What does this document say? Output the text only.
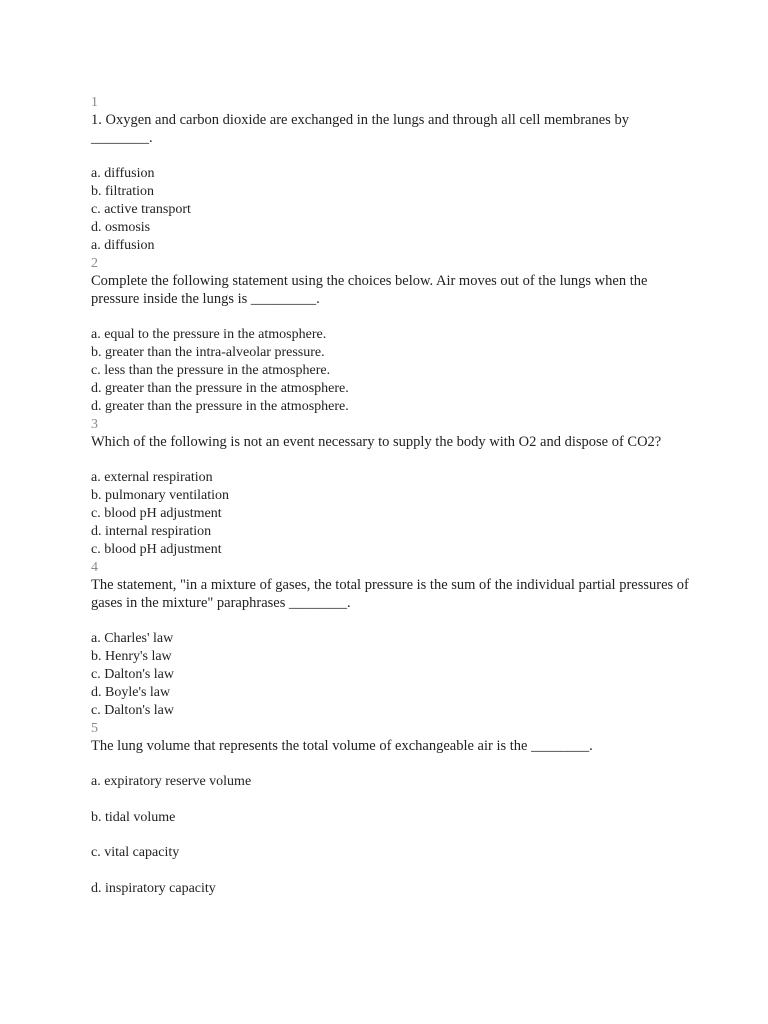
1

1. Oxygen and carbon dioxide are exchanged in the lungs and through all cell membranes by ________.

a. diffusion

b. filtration

c. active transport

d. osmosis

a. diffusion

2

Complete the following statement using the choices below. Air moves out of the lungs when the pressure inside the lungs is _________.

a. equal to the pressure in the atmosphere.

b. greater than the intra-alveolar pressure.

c. less than the pressure in the atmosphere.

d. greater than the pressure in the atmosphere.

d. greater than the pressure in the atmosphere.

3

Which of the following is not an event necessary to supply the body with O2 and dispose of CO2?

a. external respiration

b. pulmonary ventilation

c. blood pH adjustment

d. internal respiration

c. blood pH adjustment

4

The statement, "in a mixture of gases, the total pressure is the sum of the individual partial pressures of gases in the mixture" paraphrases ________.

a. Charles' law

b. Henry's law

c. Dalton's law

d. Boyle's law

c. Dalton's law

5

The lung volume that represents the total volume of exchangeable air is the ________.

a. expiratory reserve volume

b. tidal volume

c. vital capacity

d. inspiratory capacity
